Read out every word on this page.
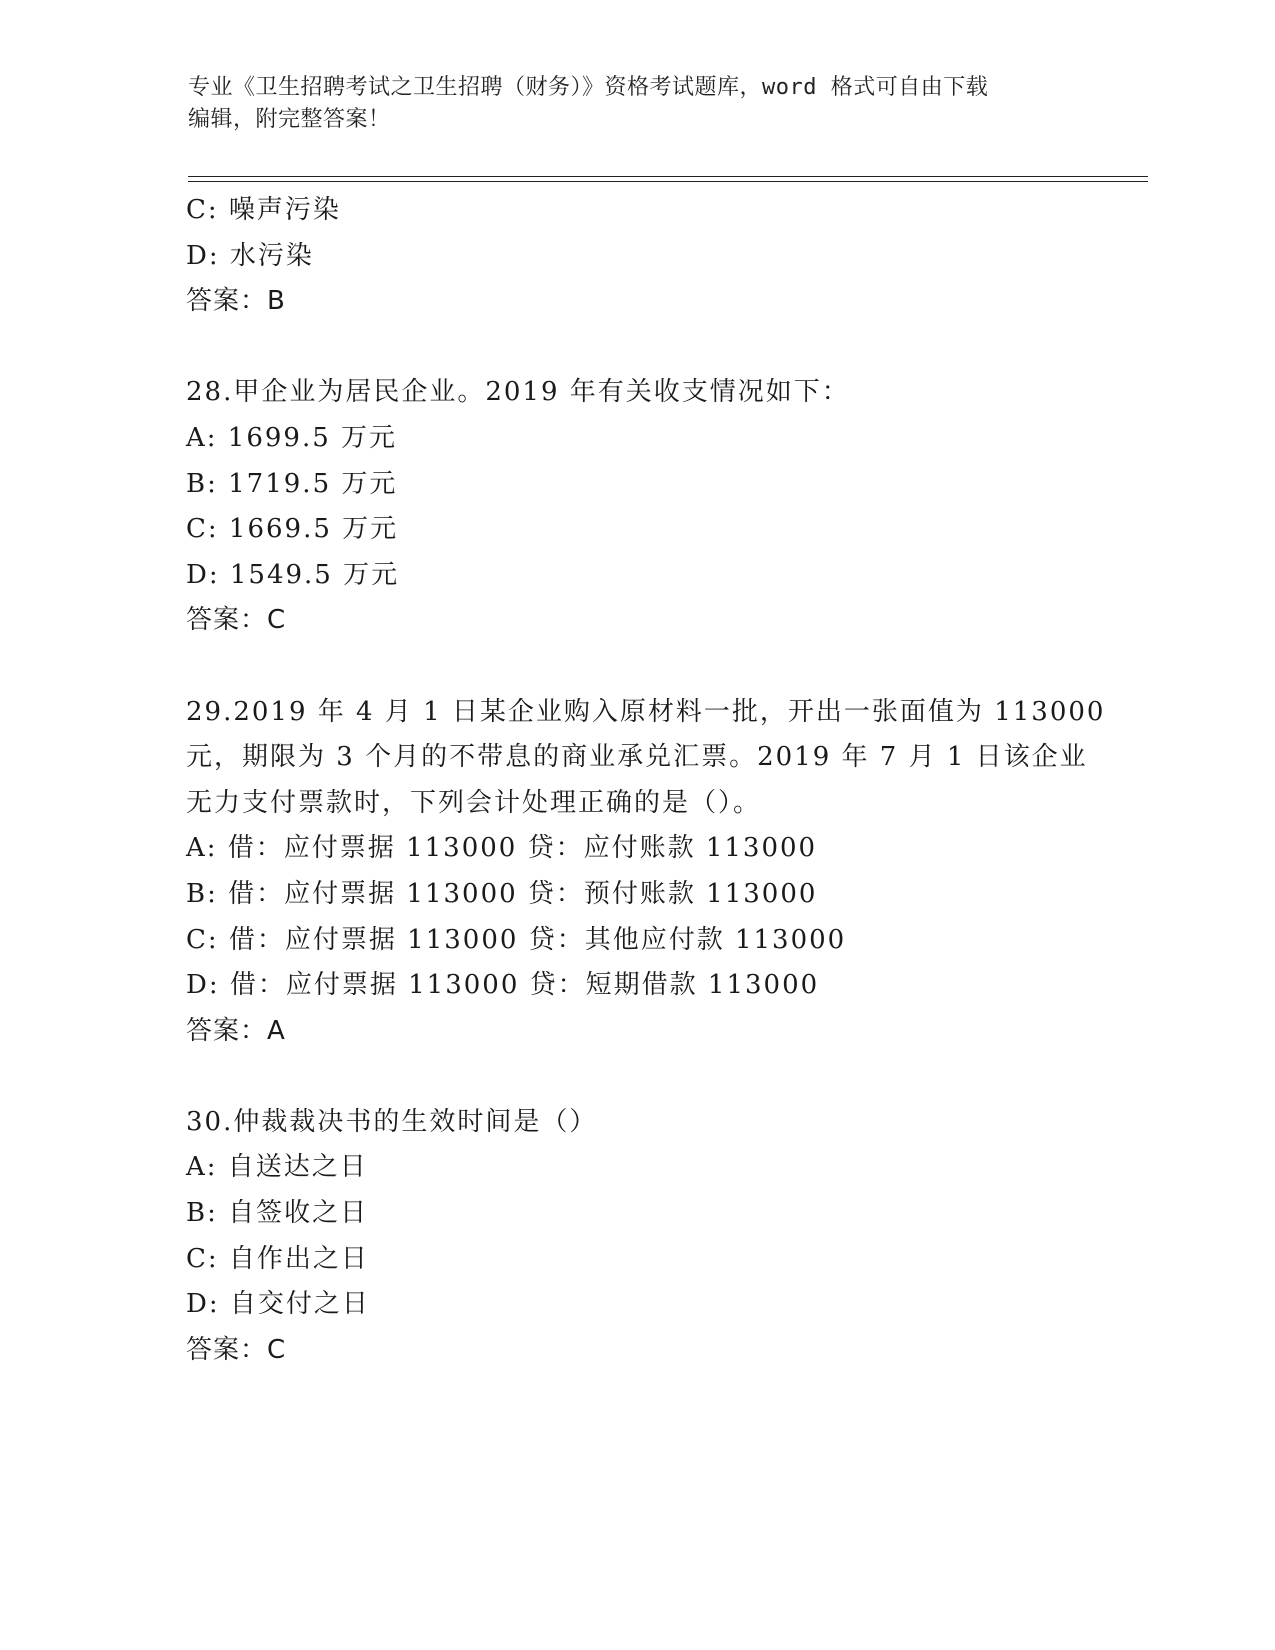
专业《卫生招聘考试之卫生招聘（财务）》资格考试题库，word 格式可自由下载
编辑，附完整答案！
C: 噪声污染
D: 水污染
答案：B
28.甲企业为居民企业。2019 年有关收支情况如下：
A: 1699.5 万元
B: 1719.5 万元
C: 1669.5 万元
D: 1549.5 万元
答案：C
29.2019 年 4 月 1 日某企业购入原材料一批，开出一张面值为 113000
元，期限为 3 个月的不带息的商业承兑汇票。2019 年 7 月 1 日该企业
无力支付票款时，下列会计处理正确的是（）。
A: 借：应付票据 113000 贷：应付账款 113000
B: 借：应付票据 113000 贷：预付账款 113000
C: 借：应付票据 113000 贷：其他应付款 113000
D: 借：应付票据 113000 贷：短期借款 113000
答案：A
30.仲裁裁决书的生效时间是（）
A: 自送达之日
B: 自签收之日
C: 自作出之日
D: 自交付之日
答案：C
